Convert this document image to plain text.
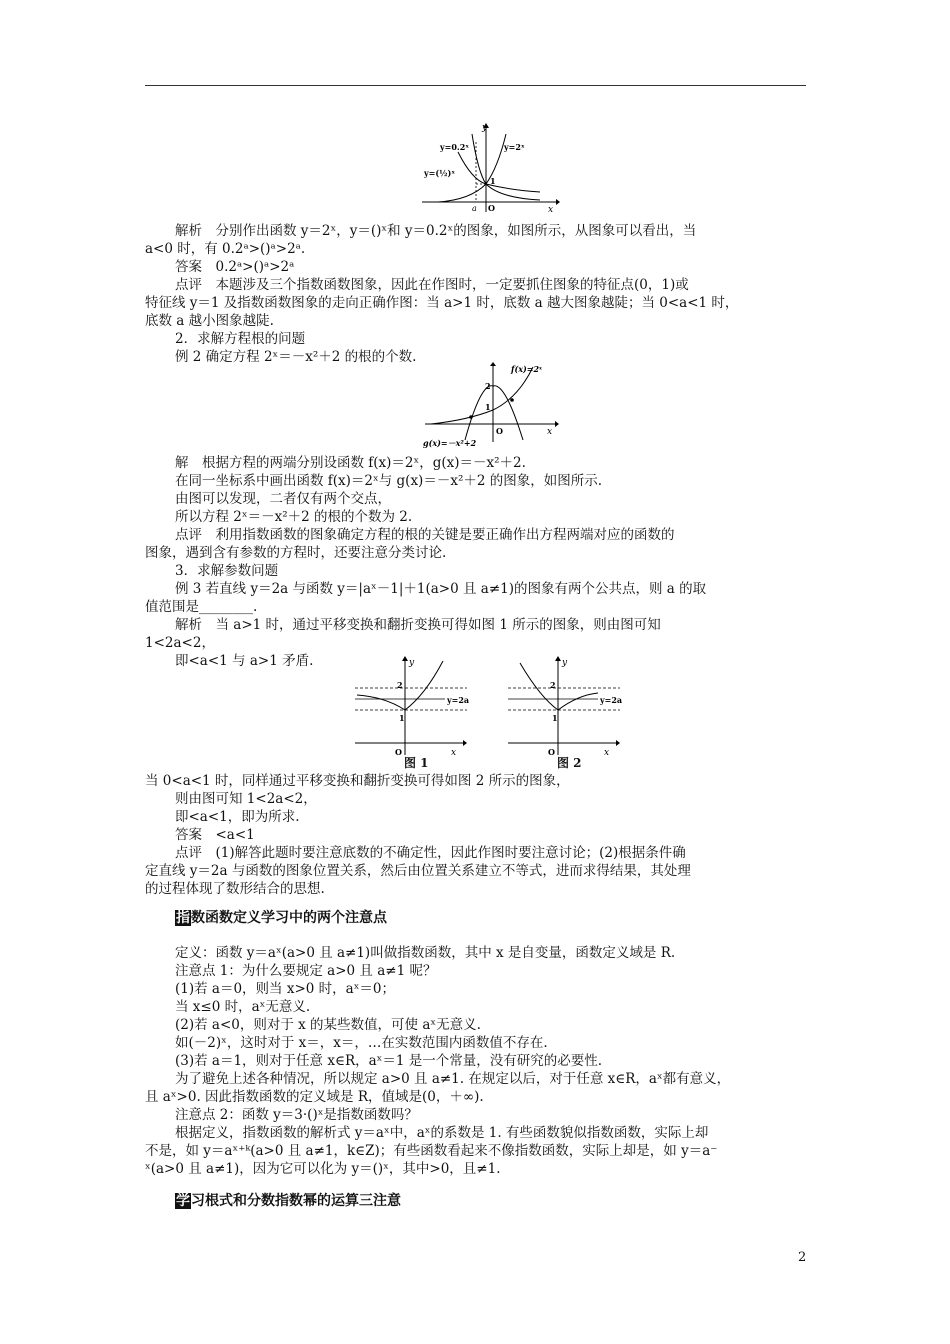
y
x
y=0.2ˣ	y=2ˣ
y=(½)ˣ
a O
1
解析　分别作出函数 y＝2ˣ，y＝()ˣ和 y＝0.2ˣ的图象，如图所示，从图象可以看出，当
a<0 时，有 0.2ᵃ>()ᵃ>2ᵃ.
答案　0.2ᵃ>()ᵃ>2ᵃ
点评　本题涉及三个指数函数图象，因此在作图时，一定要抓住图象的特征点(0，1)或
特征线 y＝1 及指数函数图象的走向正确作图：当 a>1 时，底数 a 越大图象越陡；当 0<a<1 时，
底数 a 越小图象越陡.
2．求解方程根的问题
例 2 确定方程 2ˣ＝－x²＋2 的根的个数.
f(x)=2ˣ
g(x)=－x²+2
2
1
O	x
解　根据方程的两端分别设函数 f(x)＝2ˣ，g(x)＝－x²＋2.
在同一坐标系中画出函数 f(x)＝2ˣ与 g(x)＝－x²＋2 的图象，如图所示.
由图可以发现，二者仅有两个交点，
所以方程 2ˣ＝－x²＋2 的根的个数为 2.
点评　利用指数函数的图象确定方程的根的关键是要正确作出方程两端对应的函数的
图象，遇到含有参数的方程时，还要注意分类讨论.
3．求解参数问题
例 3 若直线 y＝2a 与函数 y＝|aˣ－1|＋1(a>0 且 a≠1)的图象有两个公共点，则 a 的取
值范围是________.
解析　当 a>1 时，通过平移变换和翻折变换可得如图 1 所示的图象，则由图可知
1<2a<2，
即<a<1 与 a>1 矛盾.	y
2
1
O	x
y=2a
y
2
1
O	x
y=2a
图 1	图 2
当 0<a<1 时，同样通过平移变换和翻折变换可得如图 2 所示的图象，
则由图可知 1<2a<2，
即<a<1，即为所求.
答案　<a<1
点评　(1)解答此题时要注意底数的不确定性，因此作图时要注意讨论；(2)根据条件确
定直线 y＝2a 与函数的图象位置关系，然后由位置关系建立不等式，进而求得结果，其处理
的过程体现了数形结合的思想.
指数函数定义学习中的两个注意点
定义：函数 y＝aˣ(a>0 且 a≠1)叫做指数函数，其中 x 是自变量，函数定义域是 R.
注意点 1：为什么要规定 a>0 且 a≠1 呢？
(1)若 a＝0，则当 x>0 时，aˣ＝0；
当 x≤0 时，aˣ无意义.
(2)若 a<0，则对于 x 的某些数值，可使 aˣ无意义.
如(－2)ˣ，这时对于 x＝，x＝，…在实数范围内函数值不存在.
(3)若 a＝1，则对于任意 x∈R，aˣ＝1 是一个常量，没有研究的必要性.
为了避免上述各种情况，所以规定 a>0 且 a≠1. 在规定以后，对于任意 x∈R，aˣ都有意义，
且 aˣ>0. 因此指数函数的定义域是 R，值域是(0，＋∞).
注意点 2：函数 y＝3·()ˣ是指数函数吗？
根据定义，指数函数的解析式 y＝aˣ中，aˣ的系数是 1. 有些函数貌似指数函数，实际上却
不是，如 y＝aˣ⁺ᵏ(a>0 且 a≠1，k∈Z)；有些函数看起来不像指数函数，实际上却是，如 y＝a⁻
ˣ(a>0 且 a≠1)，因为它可以化为 y＝()ˣ，其中>0，且≠1.
学习根式和分数指数幂的运算三注意
2
